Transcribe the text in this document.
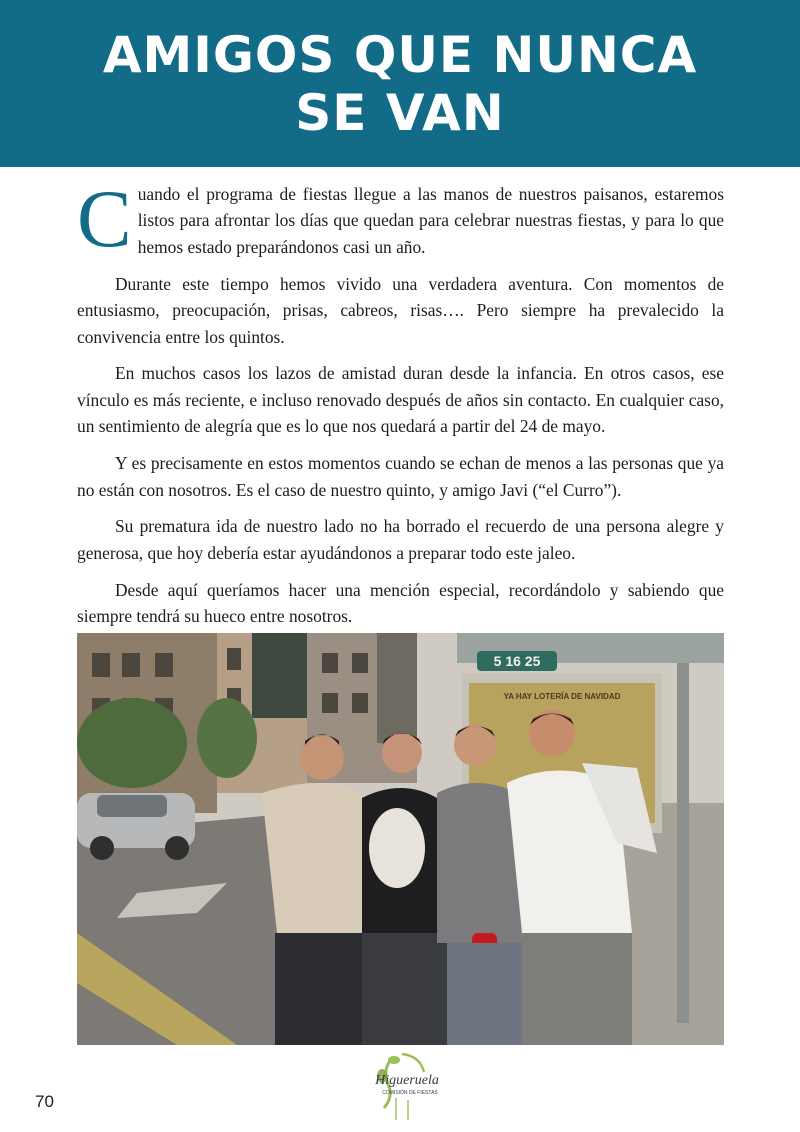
AMIGOS QUE NUNCA
SE VAN

Cuando el programa de fiestas llegue a las manos de nuestros paisanos, estaremos listos para afrontar los días que quedan para celebrar nuestras fiestas, y para lo que hemos estado preparándonos casi un año.

Durante este tiempo hemos vivido una verdadera aventura. Con momentos de entusiasmo, preocupación, prisas, cabreos, risas…. Pero siempre ha prevalecido la convivencia entre los quintos.

En muchos casos los lazos de amistad duran desde la infancia. En otros casos, ese vínculo es más reciente, e incluso renovado después de años sin contacto. En cualquier caso, un sentimiento de alegría que es lo que nos quedará a partir del 24 de mayo.

Y es precisamente en estos momentos cuando se echan de menos a las personas que ya no están con nosotros. Es el caso de nuestro quinto, y amigo Javi (“el Curro”).

Su prematura ida de nuestro lado no ha borrado el recuerdo de una persona alegre y generosa, que hoy debería estar ayudándonos a preparar todo este jaleo.

Desde aquí queríamos hacer una mención especial, recordándolo y sabiendo que siempre tendrá su hueco entre nosotros.

5 16 25
YA HAY LOTERÍA DE NAVIDAD
70
Higueruela
COMISIÓN DE FIESTAS
